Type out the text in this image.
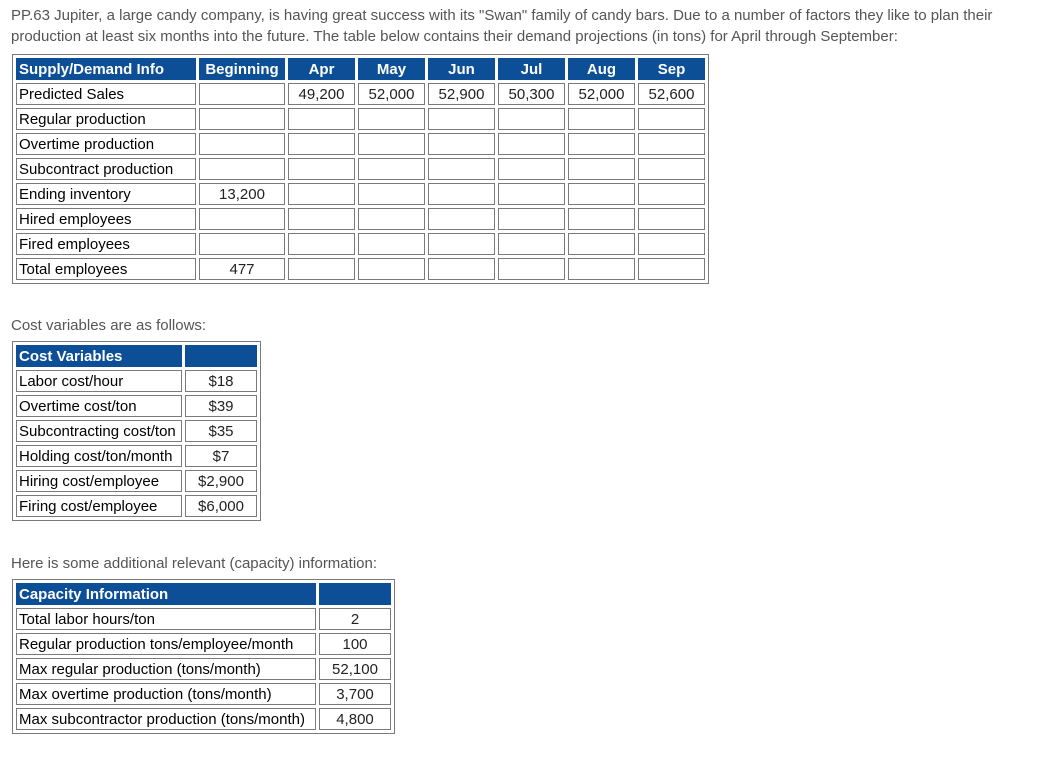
PP.63 Jupiter, a large candy company, is having great success with its "Swan" family of candy bars. Due to a number of factors they like to plan their production at least six months into the future. The table below contains their demand projections (in tons) for April through September:
Supply/Demand Info	Beginning	Apr	May	Jun	Jul	Aug	Sep
Predicted Sales		49,200	52,000	52,900	50,300	52,000	52,600
Regular production							
Overtime production							
Subcontract production							
Ending inventory	13,200						
Hired employees							
Fired employees							
Total employees	477						
Cost variables are as follows:
Cost Variables	
Labor cost/hour	$18
Overtime cost/ton	$39
Subcontracting cost/ton	$35
Holding cost/ton/month	$7
Hiring cost/employee	$2,900
Firing cost/employee	$6,000
Here is some additional relevant (capacity) information:
Capacity Information	
Total labor hours/ton	2
Regular production tons/employee/month	100
Max regular production (tons/month)	52,100
Max overtime production (tons/month)	3,700
Max subcontractor production (tons/month)	4,800
